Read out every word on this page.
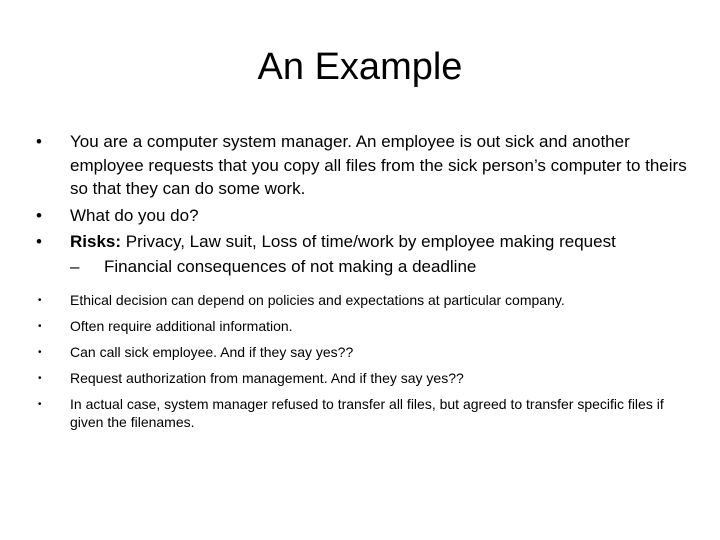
An Example
•	You are a computer system manager. An employee is out sick and another employee requests that you copy all files from the sick person’s computer to theirs so that they can do some work.
•	What do you do?
•	Risks: Privacy, Law suit, Loss of time/work by employee making request
– Financial consequences of not making a deadline
• Ethical decision can depend on policies and expectations at particular company.
• Often require additional information.
• Can call sick employee. And if they say yes??
• Request authorization from management. And if they say yes??
• In actual case, system manager refused to transfer all files, but agreed to transfer specific files if given the filenames.
